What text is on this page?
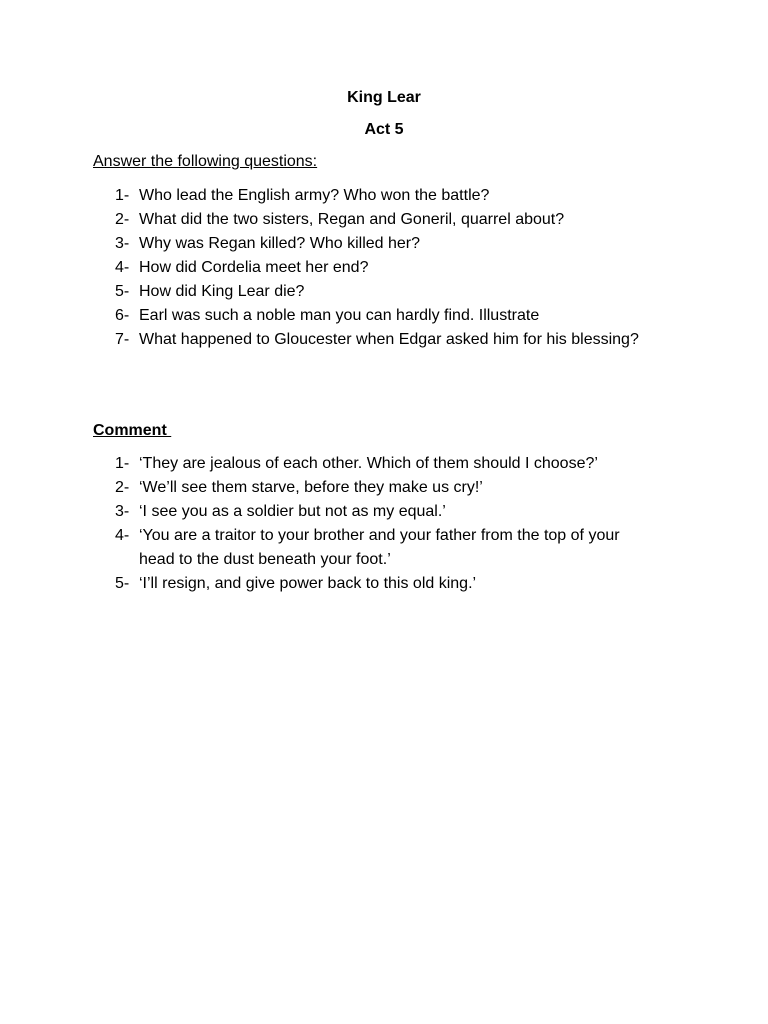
King Lear
Act 5
Answer the following questions:
1- Who lead the English army? Who won the battle?
2- What did the two sisters, Regan and Goneril, quarrel about?
3- Why was Regan killed? Who killed her?
4- How did Cordelia meet her end?
5- How did King Lear die?
6- Earl was such a noble man you can hardly find. Illustrate
7- What happened to Gloucester when Edgar asked him for his blessing?
Comment
1- ‘They are jealous of each other. Which of them should I choose?’
2- ‘We’ll see them starve, before they make us cry!’
3- ‘I see you as a soldier but not as my equal.’
4- ‘You are a traitor to your brother and your father from the top of your head to the dust beneath your foot.’
5- ‘I’ll resign, and give power back to this old king.’
